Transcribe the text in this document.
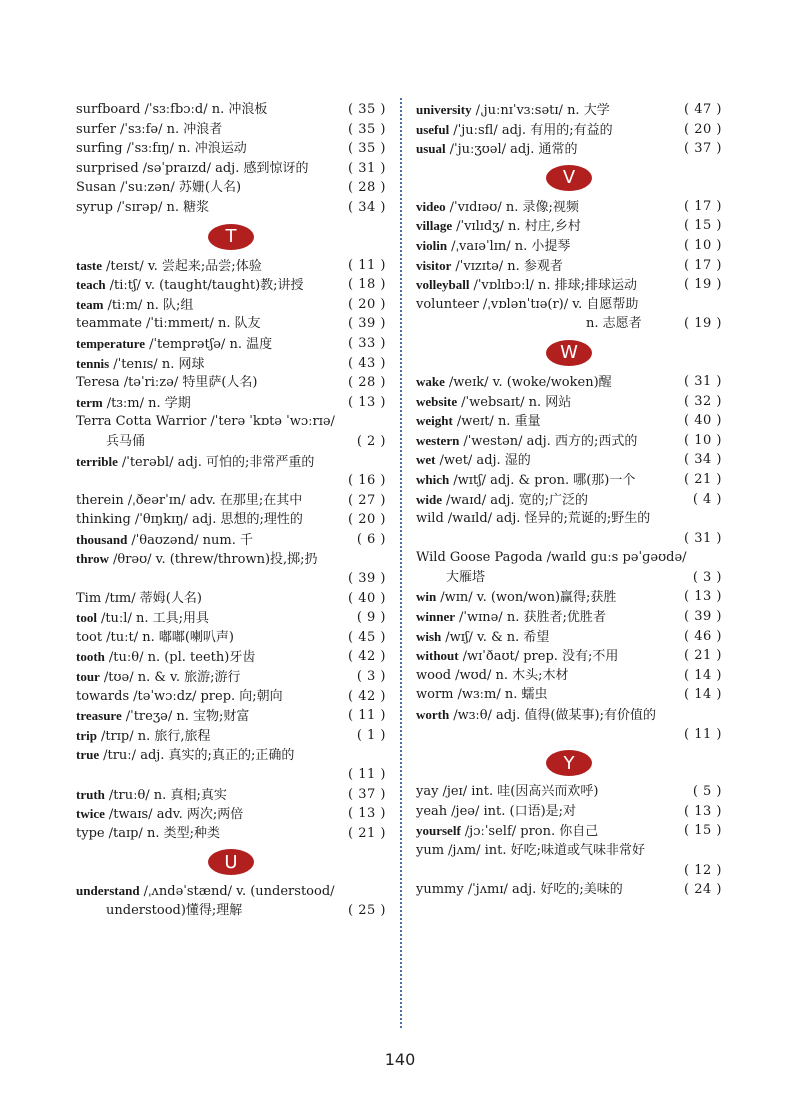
surfboard /ˈsɜːfbɔːd/ n. 冲浪板	( 35 )
surfer /ˈsɜːfə/ n. 冲浪者	( 35 )
surfing /ˈsɜːfɪŋ/ n. 冲浪运动	( 35 )
surprised /səˈpraɪzd/ adj. 感到惊讶的	( 31 )
Susan /ˈsuːzən/ 苏姗(人名)	( 28 )
syrup /ˈsɪrəp/ n. 糖浆	( 34 )
T
taste /teɪst/ v. 尝起来;品尝;体验	( 11 )
teach /tiːtʃ/ v. (taught/taught)教;讲授	( 18 )
team /tiːm/ n. 队;组	( 20 )
teammate /ˈtiːmmeɪt/ n. 队友	( 39 )
temperature /ˈtemprətʃə/ n. 温度	( 33 )
tennis /ˈtenɪs/ n. 网球	( 43 )
Teresa /təˈriːzə/ 特里萨(人名)	( 28 )
term /tɜːm/ n. 学期	( 13 )
Terra Cotta Warrior /ˈterə ˈkɒtə ˈwɔːrɪə/
兵马俑	( 2 )
terrible /ˈterəbl/ adj. 可怕的;非常严重的
( 16 )
therein /ˌðeərˈɪn/ adv. 在那里;在其中	( 27 )
thinking /ˈθɪŋkɪŋ/ adj. 思想的;理性的	( 20 )
thousand /ˈθaʊzənd/ num. 千	( 6 )
throw /θrəʊ/ v. (threw/thrown)投,掷;扔
( 39 )
Tim /tɪm/ 蒂姆(人名)	( 40 )
tool /tuːl/ n. 工具;用具	( 9 )
toot /tuːt/ n. 嘟嘟(喇叭声)	( 45 )
tooth /tuːθ/ n. (pl. teeth)牙齿	( 42 )
tour /tʊə/ n. & v. 旅游;游行	( 3 )
towards /təˈwɔːdz/ prep. 向;朝向	( 42 )
treasure /ˈtreʒə/ n. 宝物;财富	( 11 )
trip /trɪp/ n. 旅行,旅程	( 1 )
true /truː/ adj. 真实的;真正的;正确的
( 11 )
truth /truːθ/ n. 真相;真实	( 37 )
twice /twaɪs/ adv. 两次;两倍	( 13 )
type /taɪp/ n. 类型;种类	( 21 )
U
understand /ˌʌndəˈstænd/ v. (understood/
understood)懂得;理解	( 25 )
university /ˌjuːnɪˈvɜːsətɪ/ n. 大学	( 47 )
useful /ˈjuːsfl/ adj. 有用的;有益的	( 20 )
usual /ˈjuːʒʊəl/ adj. 通常的	( 37 )
V
video /ˈvɪdɪəʊ/ n. 录像;视频	( 17 )
village /ˈvɪlɪdʒ/ n. 村庄,乡村	( 15 )
violin /ˌvaɪəˈlɪn/ n. 小提琴	( 10 )
visitor /ˈvɪzɪtə/ n. 参观者	( 17 )
volleyball /ˈvɒlɪbɔːl/ n. 排球;排球运动	( 19 )
volunteer /ˌvɒlənˈtɪə(r)/ v. 自愿帮助
n. 志愿者	( 19 )
W
wake /weɪk/ v. (woke/woken)醒	( 31 )
website /ˈwebsaɪt/ n. 网站	( 32 )
weight /weɪt/ n. 重量	( 40 )
western /ˈwestən/ adj. 西方的;西式的	( 10 )
wet /wet/ adj. 湿的	( 34 )
which /wɪtʃ/ adj. & pron. 哪(那)一个	( 21 )
wide /waɪd/ adj. 宽的;广泛的	( 4 )
wild /waɪld/ adj. 怪异的;荒诞的;野生的
( 31 )
Wild Goose Pagoda /waɪld ɡuːs pəˈɡəʊdə/
大雁塔	( 3 )
win /wɪn/ v. (won/won)赢得;获胜	( 13 )
winner /ˈwɪnə/ n. 获胜者;优胜者	( 39 )
wish /wɪʃ/ v. & n. 希望	( 46 )
without /wɪˈðaʊt/ prep. 没有;不用	( 21 )
wood /wʊd/ n. 木头;木材	( 14 )
worm /wɜːm/ n. 蠕虫	( 14 )
worth /wɜːθ/ adj. 值得(做某事);有价值的
( 11 )
Y
yay /jeɪ/ int. 哇(因高兴而欢呼)	( 5 )
yeah /jeə/ int. (口语)是;对	( 13 )
yourself /jɔːˈself/ pron. 你自己	( 15 )
yum /jʌm/ int. 好吃;味道或气味非常好
( 12 )
yummy /ˈjʌmɪ/ adj. 好吃的;美味的	( 24 )
140
